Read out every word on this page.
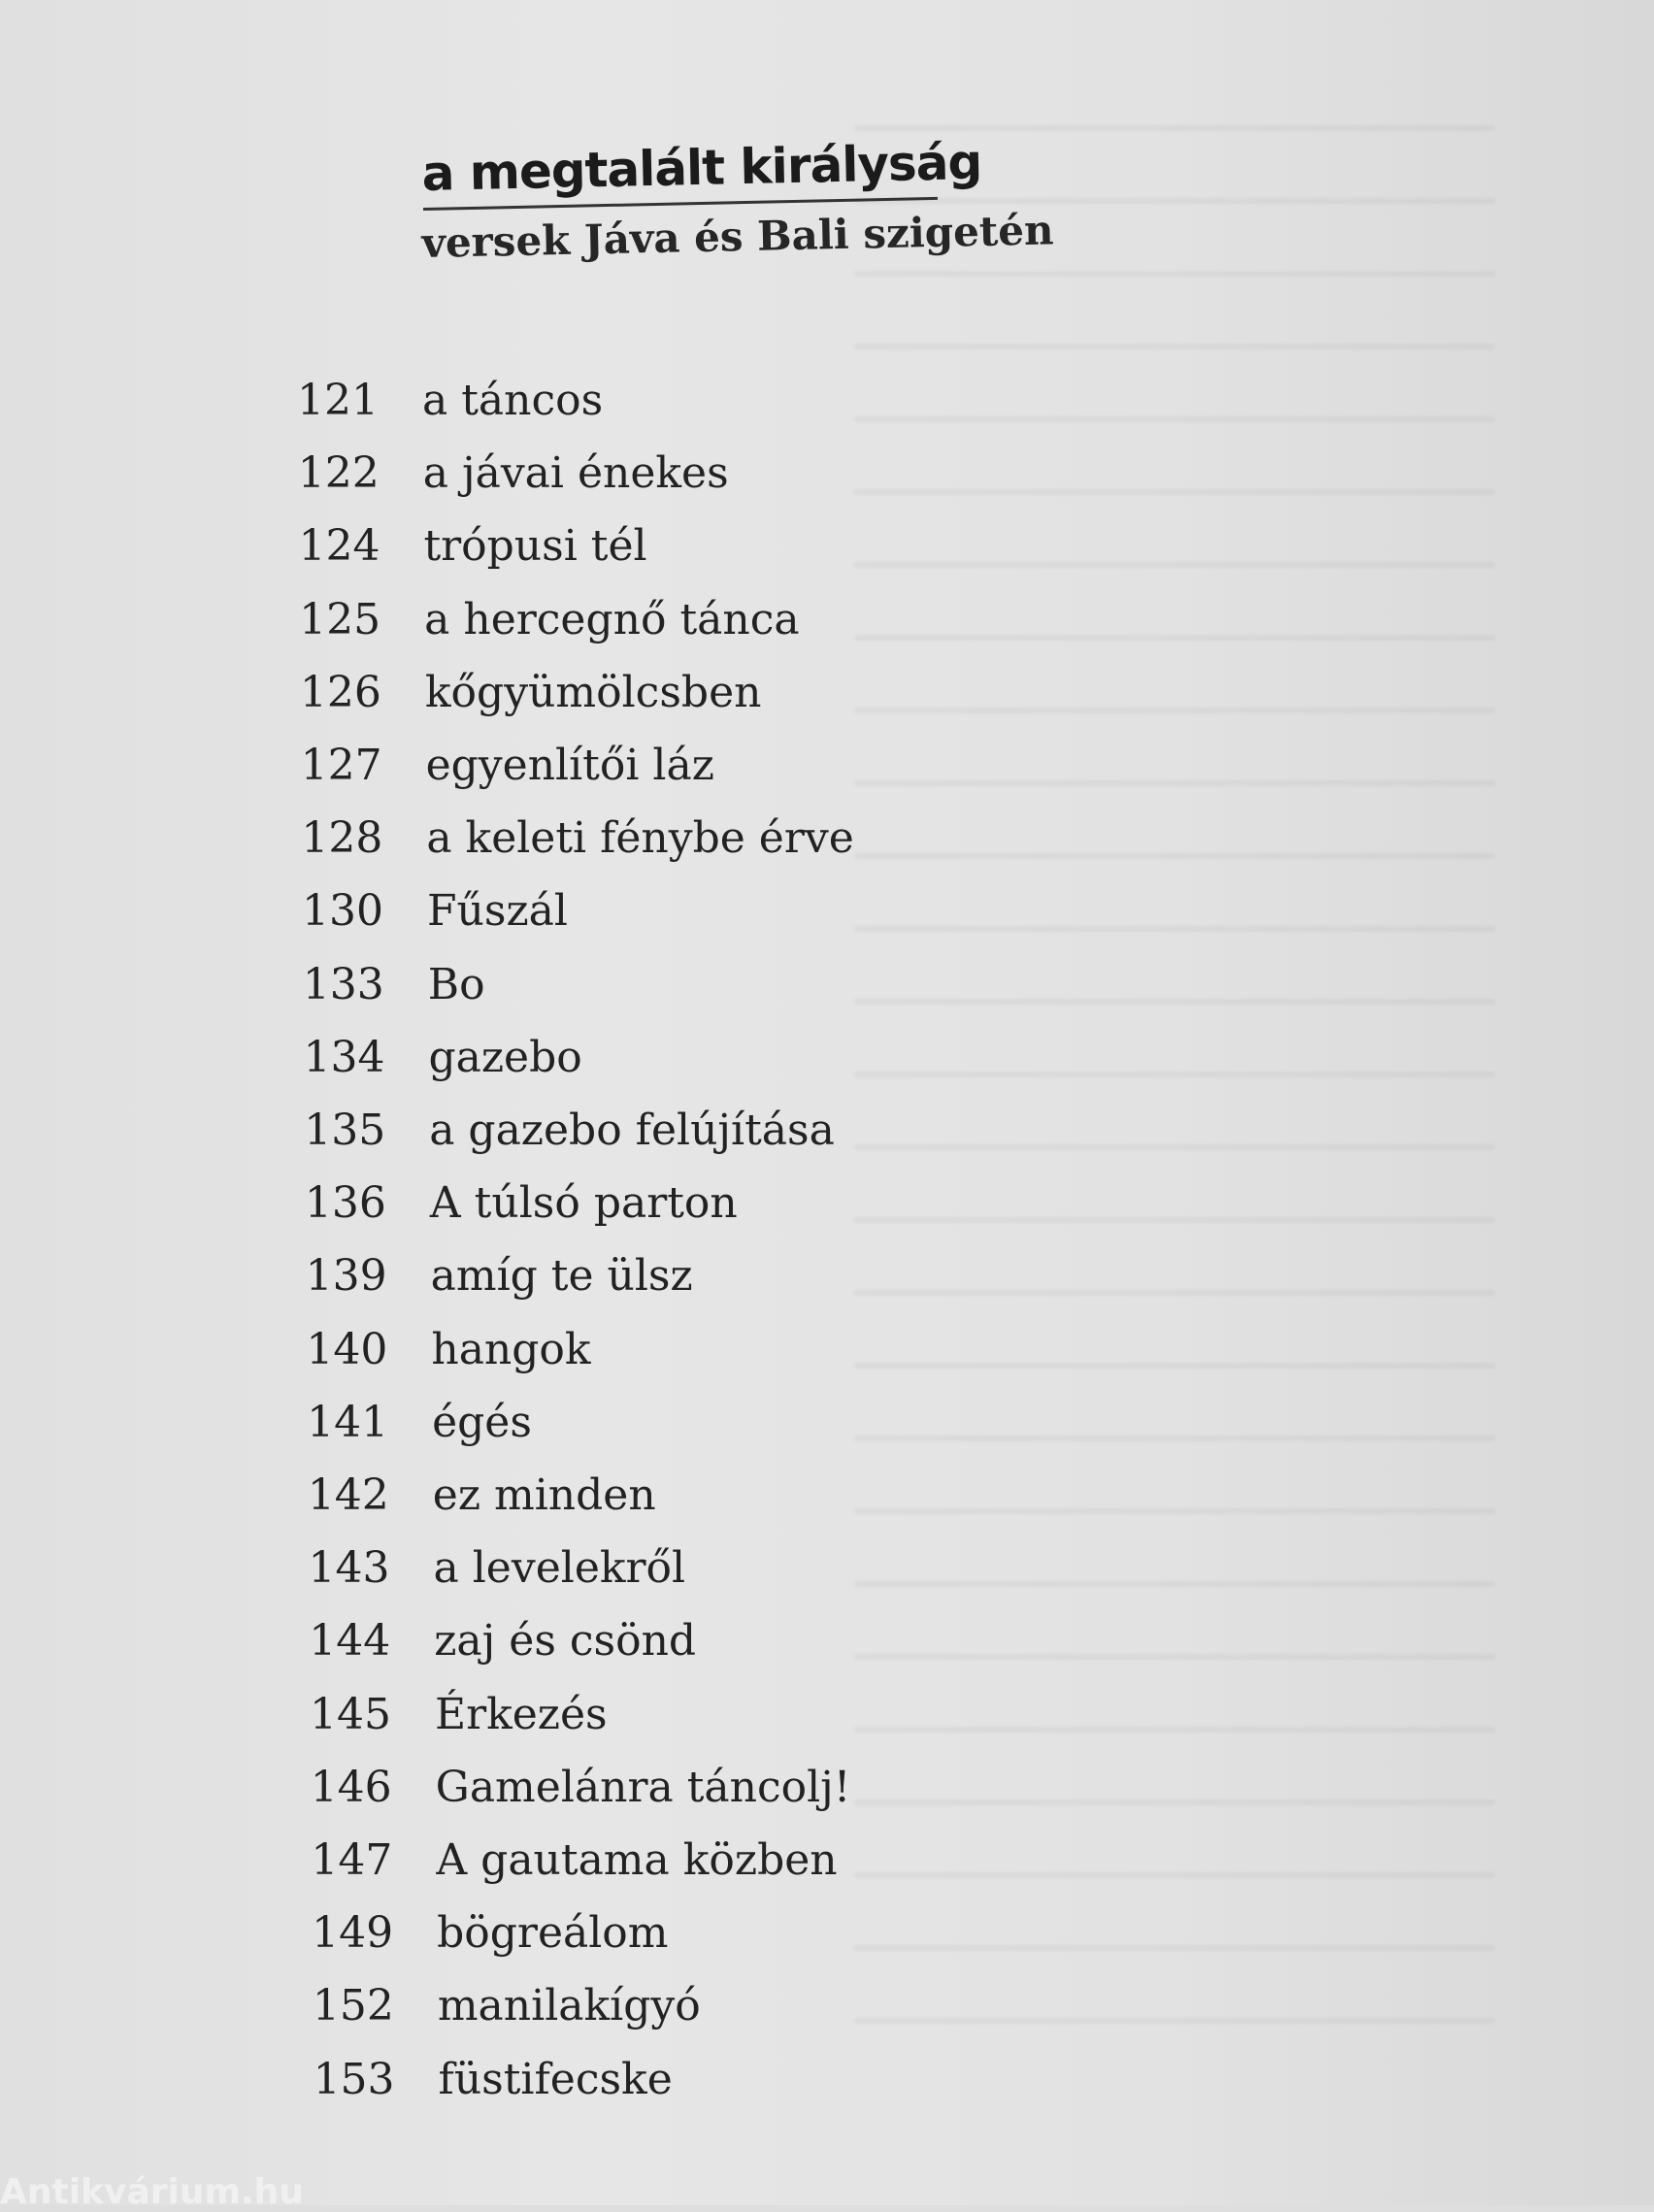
a megtalált királyság
versek Jáva és Bali szigetén
121 a táncos
122 a jávai énekes
124 trópusi tél
125 a hercegnő tánca
126 kőgyümölcsben
127 egyenlítői láz
128 a keleti fénybe érve
130 Fűszál
133 Bo
134 gazebo
135 a gazebo felújítása
136 A túlsó parton
139 amíg te ülsz
140 hangok
141 égés
142 ez minden
143 a levelekről
144 zaj és csönd
145 Érkezés
146 Gamelánra táncolj!
147 A gautama közben
149 bögreálom
152 manilakígyó
153 füstifecske
Antikvárium.hu
